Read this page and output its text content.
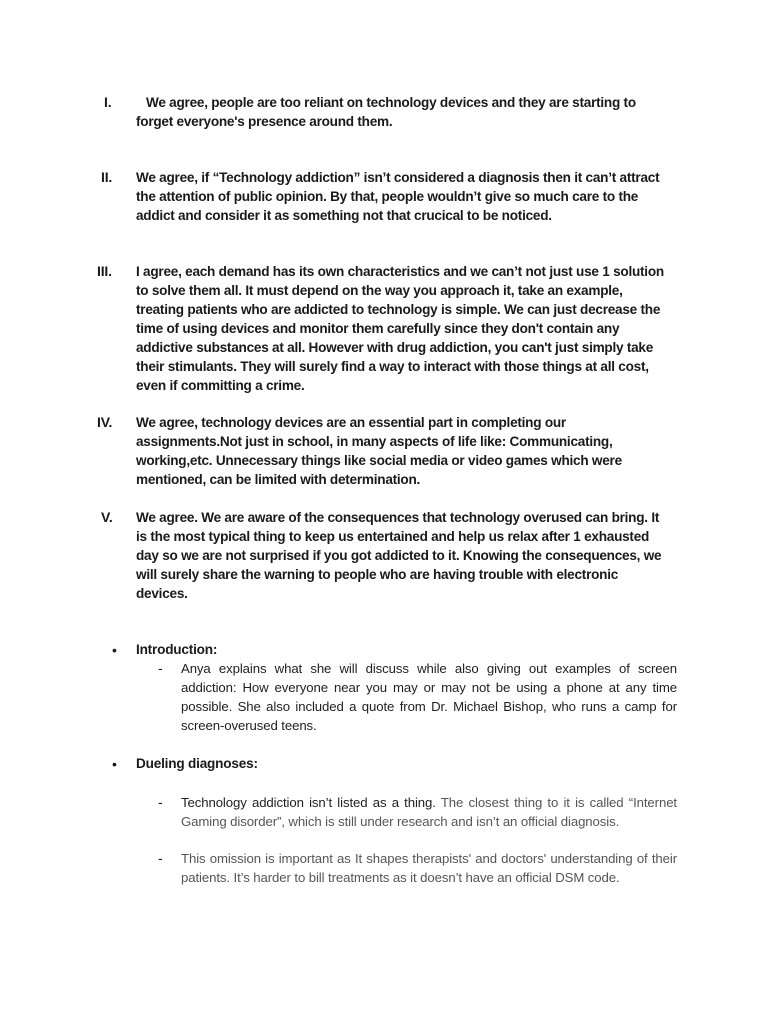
I.	We agree, people are too reliant on technology devices and they are starting to forget everyone's presence around them.
II.	We agree, if “Technology addiction” isn’t considered a diagnosis then it can’t attract the attention of public opinion. By that, people wouldn’t give so much care to the addict and consider it as something not that crucical to be noticed.
III.	I agree, each demand has its own characteristics and we can’t not just use 1 solution to solve them all. It must depend on the way you approach it, take an example, treating patients who are addicted to technology is simple. We can just decrease the time of using devices and monitor them carefully since they don't contain any addictive substances at all. However with drug addiction, you can't just simply take their stimulants. They will surely find a way to interact with those things at all cost, even if committing a crime.
IV.	We agree, technology devices are an essential part in completing our assignments.Not just in school, in many aspects of life like: Communicating, working,etc. Unnecessary things like social media or video games which were mentioned, can be limited with determination.
V.	We agree. We are aware of the consequences that technology overused can bring. It is the most typical thing to keep us entertained and help us relax after 1 exhausted day so we are not surprised if you got addicted to it. Knowing the consequences, we will surely share the warning to people who are having trouble with electronic devices.
• Introduction:
- Anya explains what she will discuss while also giving out examples of screen addiction: How everyone near you may or may not be using a phone at any time possible. She also included a quote from Dr. Michael Bishop, who runs a camp for screen-overused teens.
• Dueling diagnoses:
- Technology addiction isn’t listed as a thing. The closest thing to it is called “Internet Gaming disorder”, which is still under research and isn’t an official diagnosis.
- This omission is important as It shapes therapists' and doctors' understanding of their patients. It’s harder to bill treatments as it doesn’t have an official DSM code.
